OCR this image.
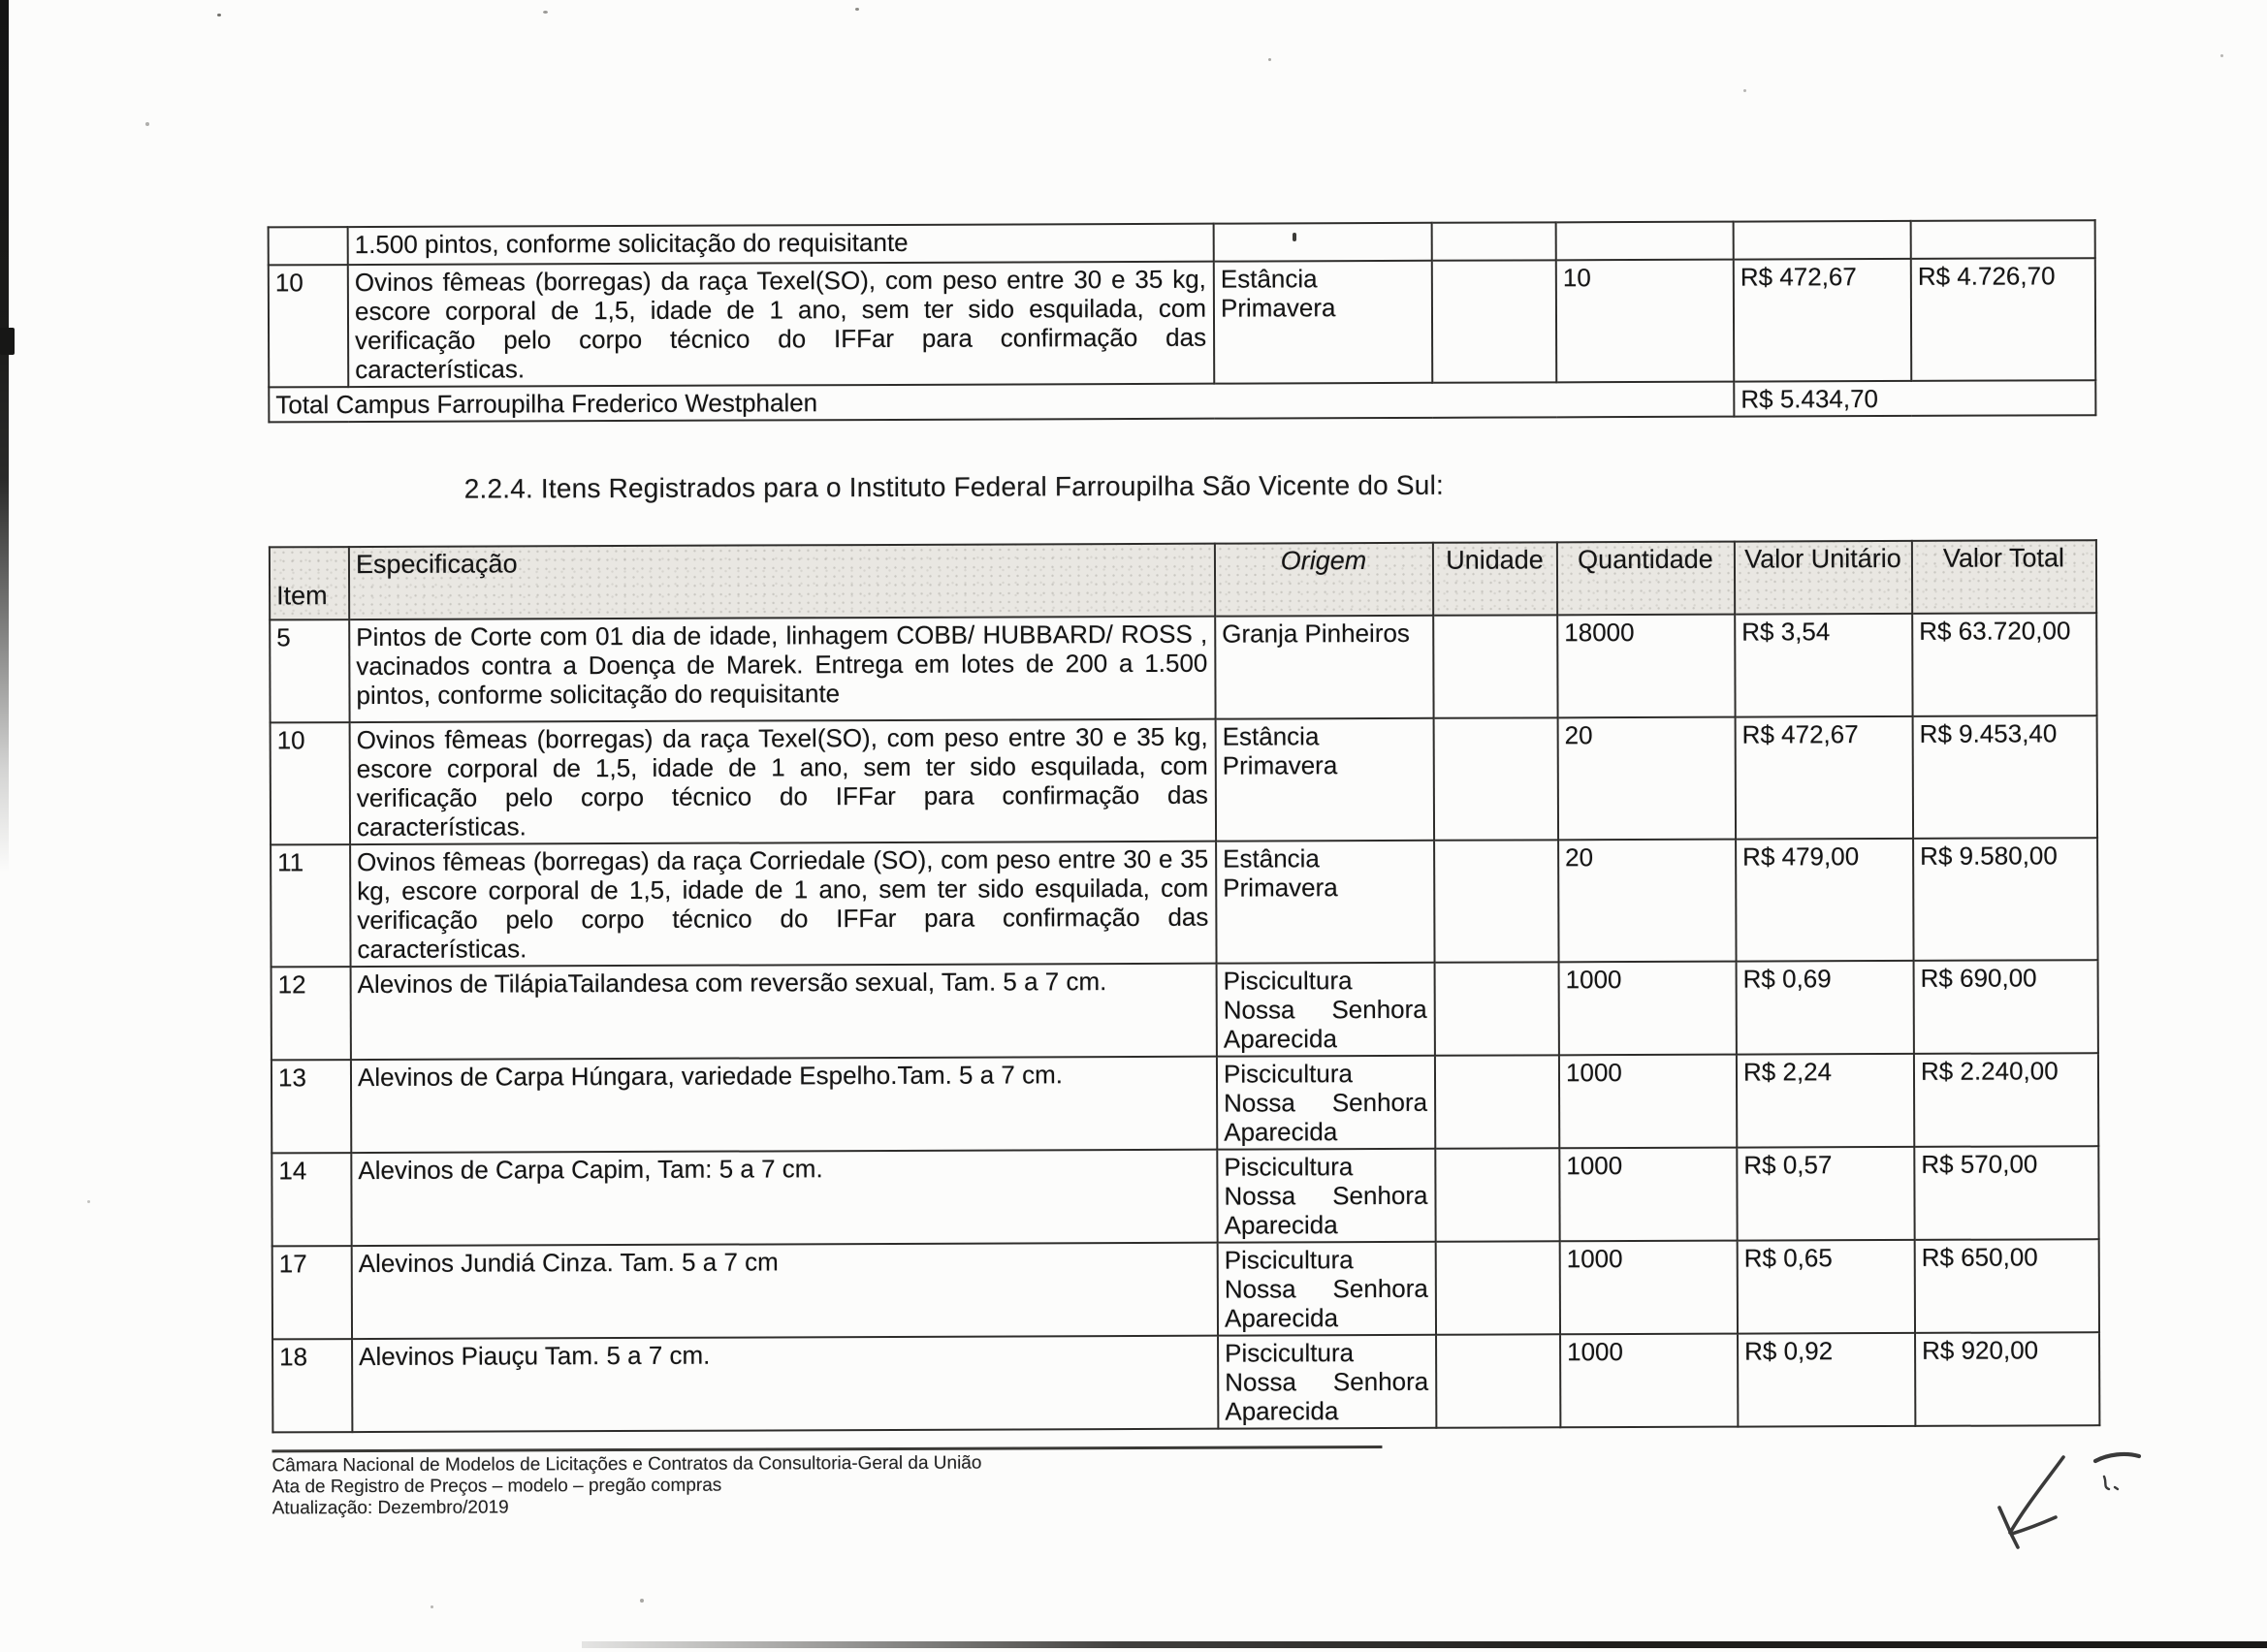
	1.500 pintos, conforme solicitação do requisitante					
10	Ovinos fêmeas (borregas) da raça Texel(SO), com peso entre 30 e 35 kg, escore corporal de 1,5, idade de 1 ano, sem ter sido esquilada, com verificação pelo corpo técnico do IFFar para confirmação das características.	Estância Primavera		10	R$ 472,67	R$ 4.726,70
Total Campus Farroupilha Frederico Westphalen					R$ 5.434,70	
2.2.4. Itens Registrados para o Instituto Federal Farroupilha São Vicente do Sul:
Item	Especificação	Origem	Unidade	Quantidade	Valor Unitário	Valor Total
5	Pintos de Corte com 01 dia de idade, linhagem COBB/ HUBBARD/ ROSS , vacinados contra a Doença de Marek. Entrega em lotes de 200 a 1.500 pintos, conforme solicitação do requisitante	Granja Pinheiros		18000	R$ 3,54	R$ 63.720,00
10	Ovinos fêmeas (borregas) da raça Texel(SO), com peso entre 30 e 35 kg, escore corporal de 1,5, idade de 1 ano, sem ter sido esquilada, com verificação pelo corpo técnico do IFFar para confirmação das características.	Estância Primavera		20	R$ 472,67	R$ 9.453,40
11	Ovinos fêmeas (borregas) da raça Corriedale (SO), com peso entre 30 e 35 kg, escore corporal de 1,5, idade de 1 ano, sem ter sido esquilada, com verificação pelo corpo técnico do IFFar para confirmação das características.	Estância Primavera		20	R$ 479,00	R$ 9.580,00
12	Alevinos de TilápiaTailandesa com reversão sexual, Tam. 5 a 7 cm.	Piscicultura Nossa Senhora Aparecida		1000	R$ 0,69	R$ 690,00
13	Alevinos de Carpa Húngara, variedade Espelho.Tam. 5 a 7 cm.	Piscicultura Nossa Senhora Aparecida		1000	R$ 2,24	R$ 2.240,00
14	Alevinos de Carpa Capim, Tam: 5 a 7 cm.	Piscicultura Nossa Senhora Aparecida		1000	R$ 0,57	R$ 570,00
17	Alevinos Jundiá Cinza. Tam. 5 a 7 cm	Piscicultura Nossa Senhora Aparecida		1000	R$ 0,65	R$ 650,00
18	Alevinos Piauçu Tam. 5 a 7 cm.	Piscicultura Nossa Senhora Aparecida		1000	R$ 0,92	R$ 920,00
Câmara Nacional de Modelos de Licitações e Contratos da Consultoria-Geral da União
Ata de Registro de Preços – modelo – pregão compras
Atualização: Dezembro/2019
